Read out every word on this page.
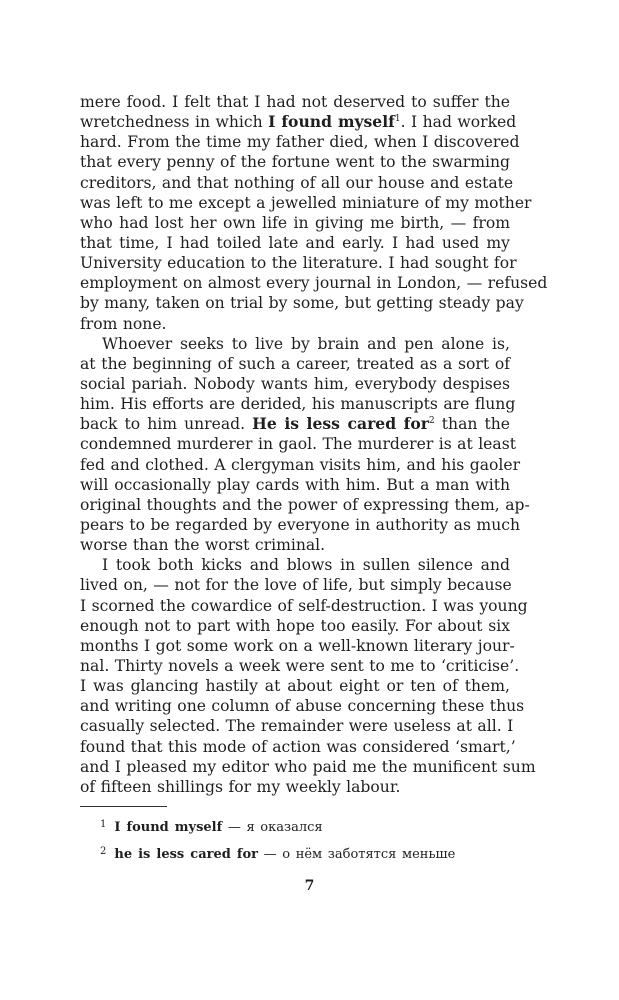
mere food. I felt that I had not deserved to suffer the
wretchedness in which I found myself$^1$. I had worked
hard. From the time my father died, when I discovered
that every penny of the fortune went to the swarming
creditors, and that nothing of all our house and estate
was left to me except a jewelled miniature of my mother
who had lost her own life in giving me birth, — from
that time, I had toiled late and early. I had used my
University education to the literature. I had sought for
employment on almost every journal in London, — refused
by many, taken on trial by some, but getting steady pay
from none.
Whoever seeks to live by brain and pen alone is,
at the beginning of such a career, treated as a sort of
social pariah. Nobody wants him, everybody despises
him. His efforts are derided, his manuscripts are flung
back to him unread. He is less cared for$^2$ than the
condemned murderer in gaol. The murderer is at least
fed and clothed. A clergyman visits him, and his gaoler
will occasionally play cards with him. But a man with
original thoughts and the power of expressing them, ap-
pears to be regarded by everyone in authority as much
worse than the worst criminal.
I took both kicks and blows in sullen silence and
lived on, — not for the love of life, but simply because
I scorned the cowardice of self-destruction. I was young
enough not to part with hope too easily. For about six
months I got some work on a well-known literary jour-
nal. Thirty novels a week were sent to me to ‘criticise’.
I was glancing hastily at about eight or ten of them,
and writing one column of abuse concerning these thus
casually selected. The remainder were useless at all. I
found that this mode of action was considered ‘smart,’
and I pleased my editor who paid me the munificent sum
of fifteen shillings for my weekly labour.
$^1$ I found myself — я оказался
$^2$ he is less cared for — о нём заботятся меньше
7
